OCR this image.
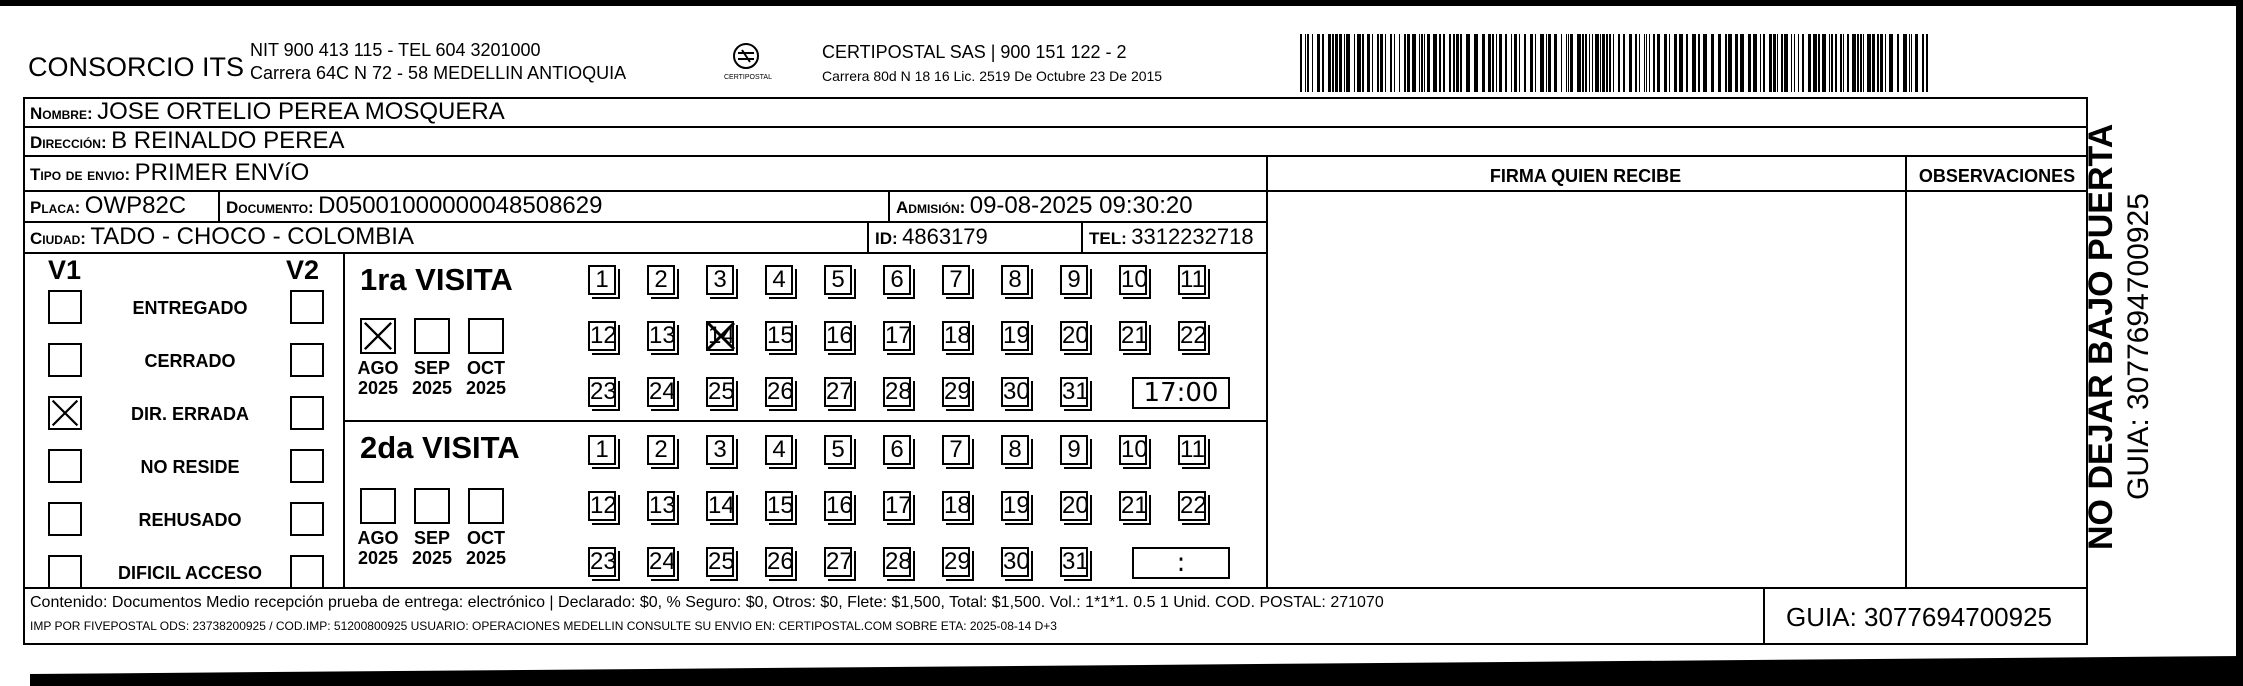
CONSORCIO ITS
NIT 900 413 115 - TEL 604 3201000
Carrera 64C N 72 - 58 MEDELLIN ANTIOQUIA	CERTIPOSTAL
CERTIPOSTAL SAS | 900 151 122 - 2
Carrera 80d N 18 16 Lic. 2519 De Octubre 23 De 2015
Nombre: JOSE ORTELIO PEREA MOSQUERA
Dirección: B REINALDO PEREA
Tipo de envio: PRIMER ENVíO
Placa: OWP82C Documento: D05001000000048508629	Admisión: 09-08-2025 09:30:20
Ciudad: TADO - CHOCO - COLOMBIA	ID: 4863179	TEL: 3312232718
FIRMA QUIEN RECIBE	OBSERVACIONES
V1	V2
ENTREGADO
CERRADO
DIR. ERRADA
NO RESIDE
REHUSADO
DIFICIL ACCESO
1ra VISITA
AGO
2025
SEP
2025
OCT
2025
1	2	3	4	5	6	7	8	9	10 11
12 13 14 15 16 17 18 19 20 21 22
23 24 25 26 27 28 29 30 31	17:00
2da VISITA
AGO
2025
SEP
2025
OCT
2025
1	2	3	4	5	6	7	8	9	10 11
12 13 14 15 16 17 18 19 20 21 22
23 24 25 26 27 28 29 30 31	:
Contenido: Documentos Medio recepción prueba de entrega: electrónico | Declarado: $0, % Seguro: $0, Otros: $0, Flete: $1,500, Total: $1,500. Vol.: 1*1*1. 0.5 1 Unid. COD. POSTAL: 271070
IMP POR FIVEPOSTAL ODS: 23738200925 / COD.IMP: 51200800925 USUARIO: OPERACIONES MEDELLIN CONSULTE SU ENVIO EN: CERTIPOSTAL.COM SOBRE ETA: 2025-08-14 D+3	GUIA: 3077694700925
NO DEJAR BAJO PUERTA GUIA: 3077694700925
